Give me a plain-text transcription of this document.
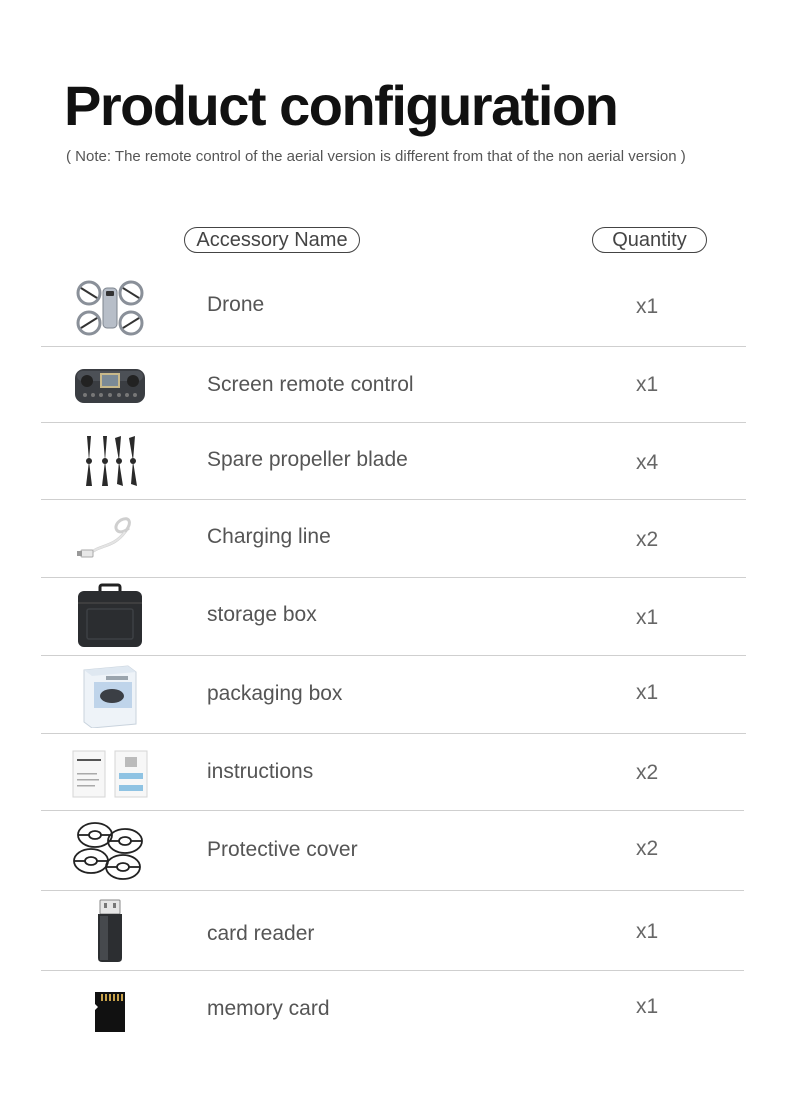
Product configuration
( Note: The remote control of the aerial version is different from that of the non aerial version )
Accessory Name	Quantity
Drone	x1
Screen remote control	x1
Spare propeller blade	x4
Charging line	x2
storage box	x1
packaging box	x1
instructions	x2
Protective cover	x2
card reader	x1
memory card	x1
